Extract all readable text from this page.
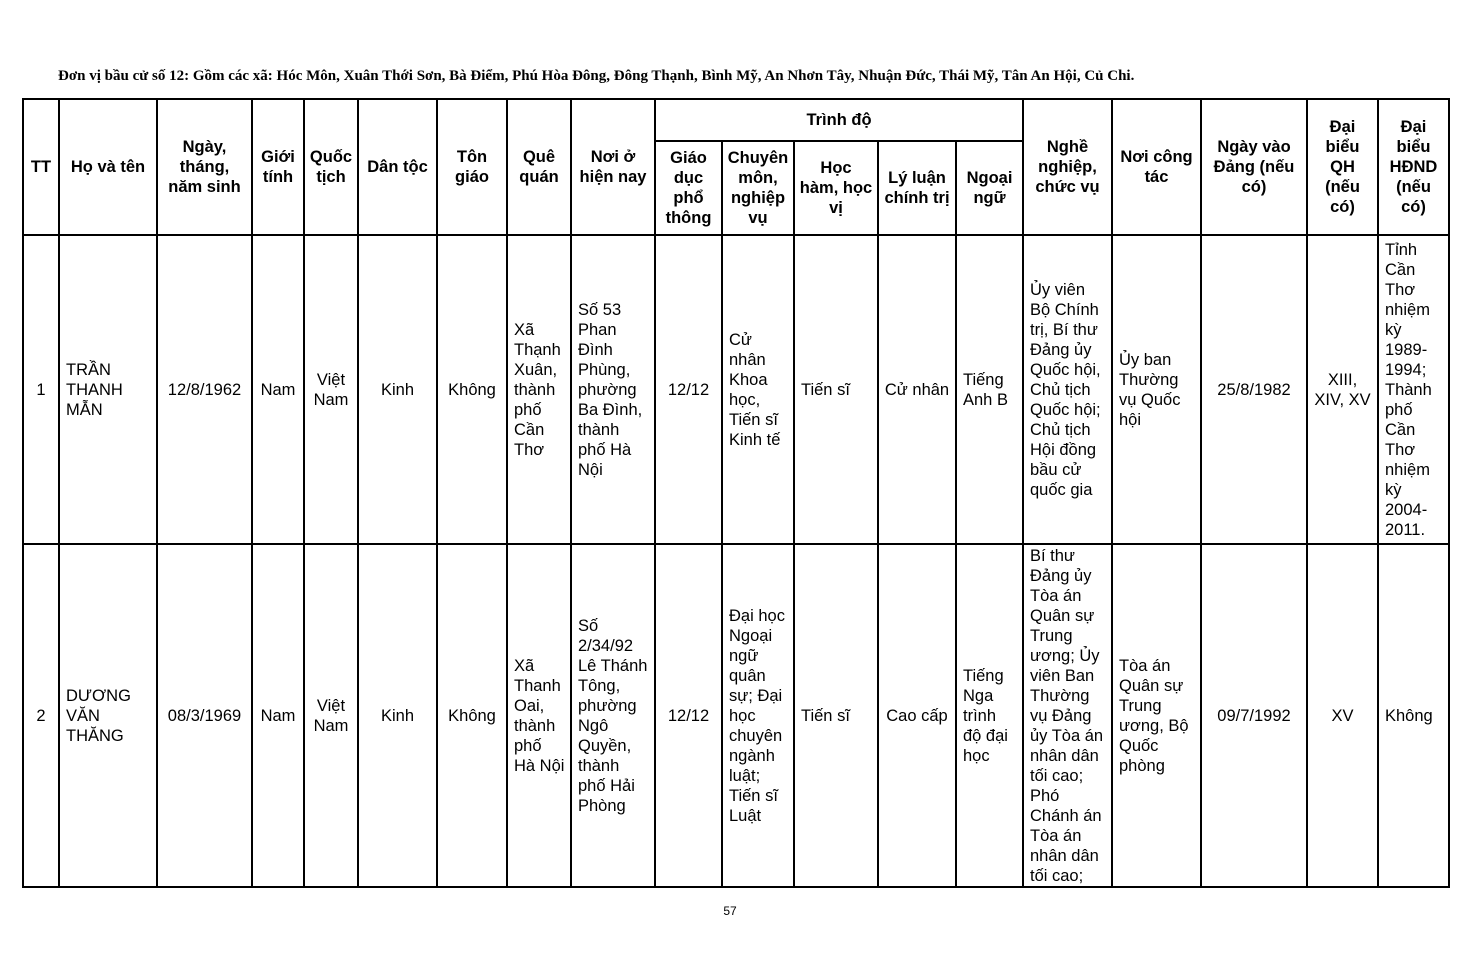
Đơn vị bầu cử số 12: Gồm các xã: Hóc Môn, Xuân Thới Sơn, Bà Điểm, Phú Hòa Đông, Đông Thạnh, Bình Mỹ, An Nhơn Tây, Nhuận Đức, Thái Mỹ, Tân An Hội, Củ Chi.
TT	Họ và tên	Ngày, tháng, năm sinh	Giới tính	Quốc tịch	Dân tộc	Tôn giáo	Quê quán	Nơi ở hiện nay	Trình độ					Nghề nghiệp, chức vụ	Nơi công tác	Ngày vào Đảng (nếu có)	Đại biểu QH (nếu có)	Đại biểu HĐND (nếu có)
									Giáo dục phổ thông	Chuyên môn, nghiệp vụ	Học hàm, học vị	Lý luận chính trị	Ngoại ngữ					
1	TRẦN THANH MẪN	12/8/1962	Nam	Việt Nam	Kinh	Không	Xã Thạnh Xuân, thành phố Cần Thơ	Số 53 Phan Đình Phùng, phường Ba Đình, thành phố Hà Nội	12/12	Cử nhân Khoa học, Tiến sĩ Kinh tế	Tiến sĩ	Cử nhân	Tiếng Anh B	Ủy viên Bộ Chính trị, Bí thư Đảng ủy Quốc hội, Chủ tịch Quốc hội; Chủ tịch Hội đồng bầu cử quốc gia	Ủy ban Thường vụ Quốc hội	25/8/1982	XIII, XIV, XV	Tỉnh Cần Thơ nhiệm kỳ 1989-1994; Thành phố Cần Thơ nhiệm kỳ 2004-2011.
2	DƯƠNG VĂN THĂNG	08/3/1969	Nam	Việt Nam	Kinh	Không	Xã Thanh Oai, thành phố Hà Nội	Số 2/34/92 Lê Thánh Tông, phường Ngô Quyền, thành phố Hải Phòng	12/12	Đại học Ngoại ngữ quân sự; Đại học chuyên ngành luật; Tiến sĩ Luật	Tiến sĩ	Cao cấp	Tiếng Nga trình độ đại học	Bí thư Đảng ủy Tòa án Quân sự Trung ương; Ủy viên Ban Thường vụ Đảng ủy Tòa án nhân dân tối cao; Phó Chánh án Tòa án nhân dân tối cao;	Tòa án Quân sự Trung ương, Bộ Quốc phòng	09/7/1992	XV	Không
57
